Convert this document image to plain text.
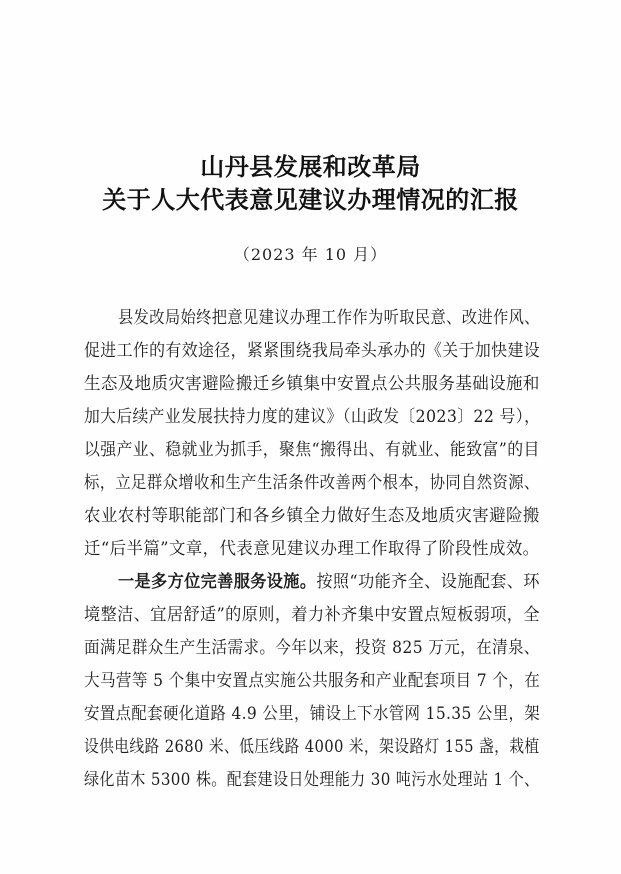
山丹县发展和改革局
关于人大代表意见建议办理情况的汇报
（2023 年 10 月）
县发改局始终把意见建议办理工作作为听取民意、改进作风、
促进工作的有效途径，紧紧围绕我局牵头承办的《关于加快建设
生态及地质灾害避险搬迁乡镇集中安置点公共服务基础设施和
加大后续产业发展扶持力度的建议》（山政发〔2023〕22 号），
以强产业、稳就业为抓手，聚焦“搬得出、有就业、能致富”的目
标，立足群众增收和生产生活条件改善两个根本，协同自然资源、
农业农村等职能部门和各乡镇全力做好生态及地质灾害避险搬
迁“后半篇”文章，代表意见建议办理工作取得了阶段性成效。
一是多方位完善服务设施。按照“功能齐全、设施配套、环
境整洁、宜居舒适”的原则，着力补齐集中安置点短板弱项，全
面满足群众生产生活需求。今年以来，投资 825 万元，在清泉、
大马营等 5 个集中安置点实施公共服务和产业配套项目 7 个，在
安置点配套硬化道路 4.9 公里，铺设上下水管网 15.35 公里，架
设供电线路 2680 米、低压线路 4000 米，架设路灯 155 盏，栽植
绿化苗木 5300 株。配套建设日处理能力 30 吨污水处理站 1 个、
